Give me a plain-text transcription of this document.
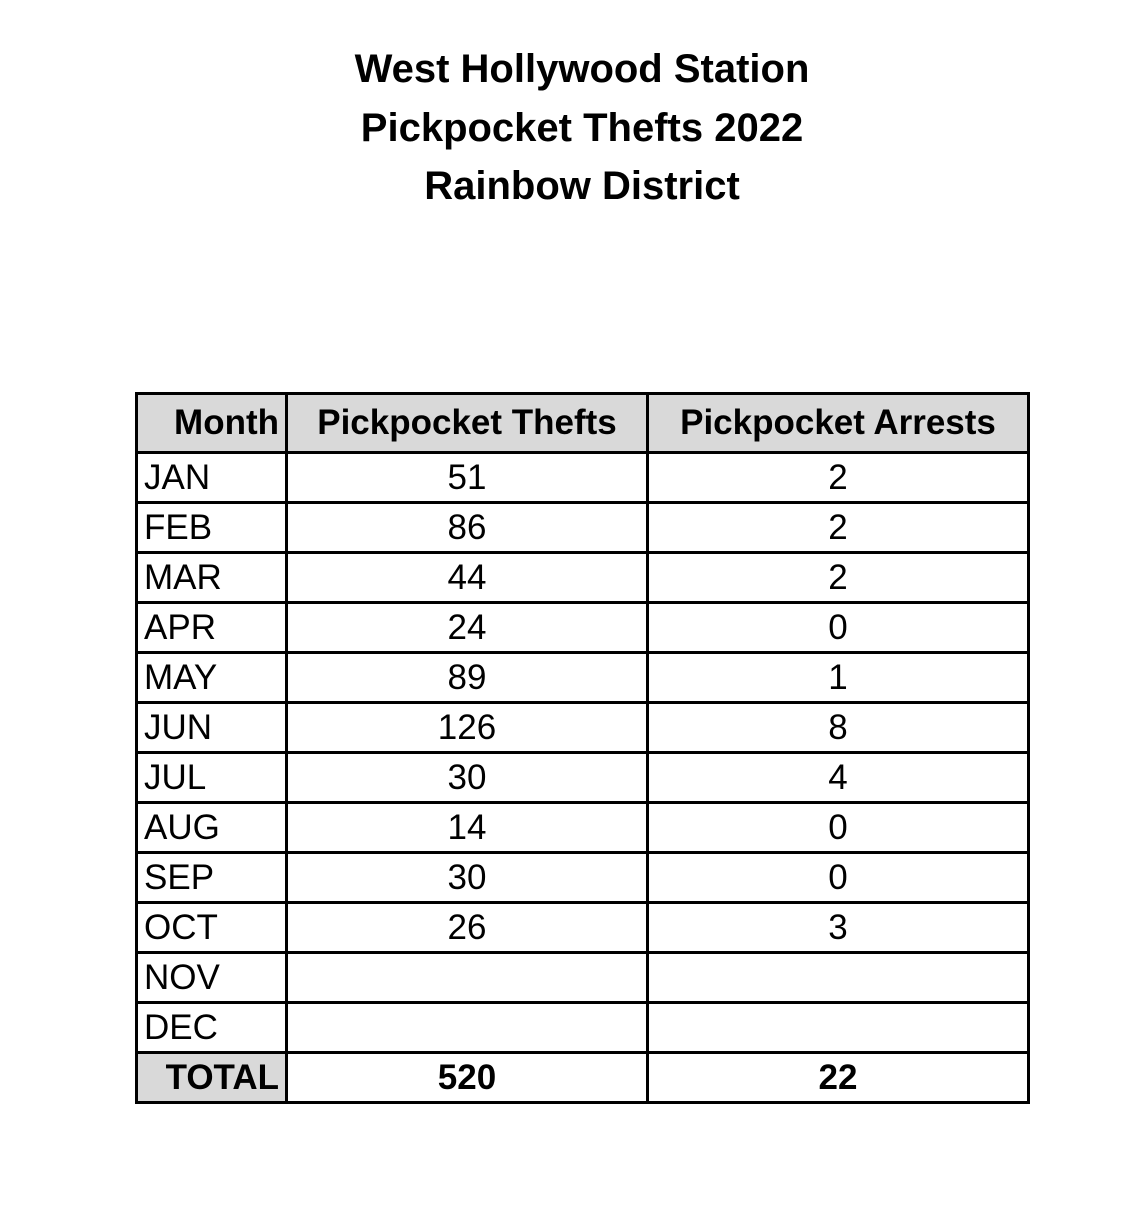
West Hollywood Station
Pickpocket Thefts 2022
Rainbow District
Month	Pickpocket Thefts	Pickpocket Arrests
JAN	51	2
FEB	86	2
MAR	44	2
APR	24	0
MAY	89	1
JUN	126	8
JUL	30	4
AUG	14	0
SEP	30	0
OCT	26	3
NOV		
DEC		
TOTAL	520	22
